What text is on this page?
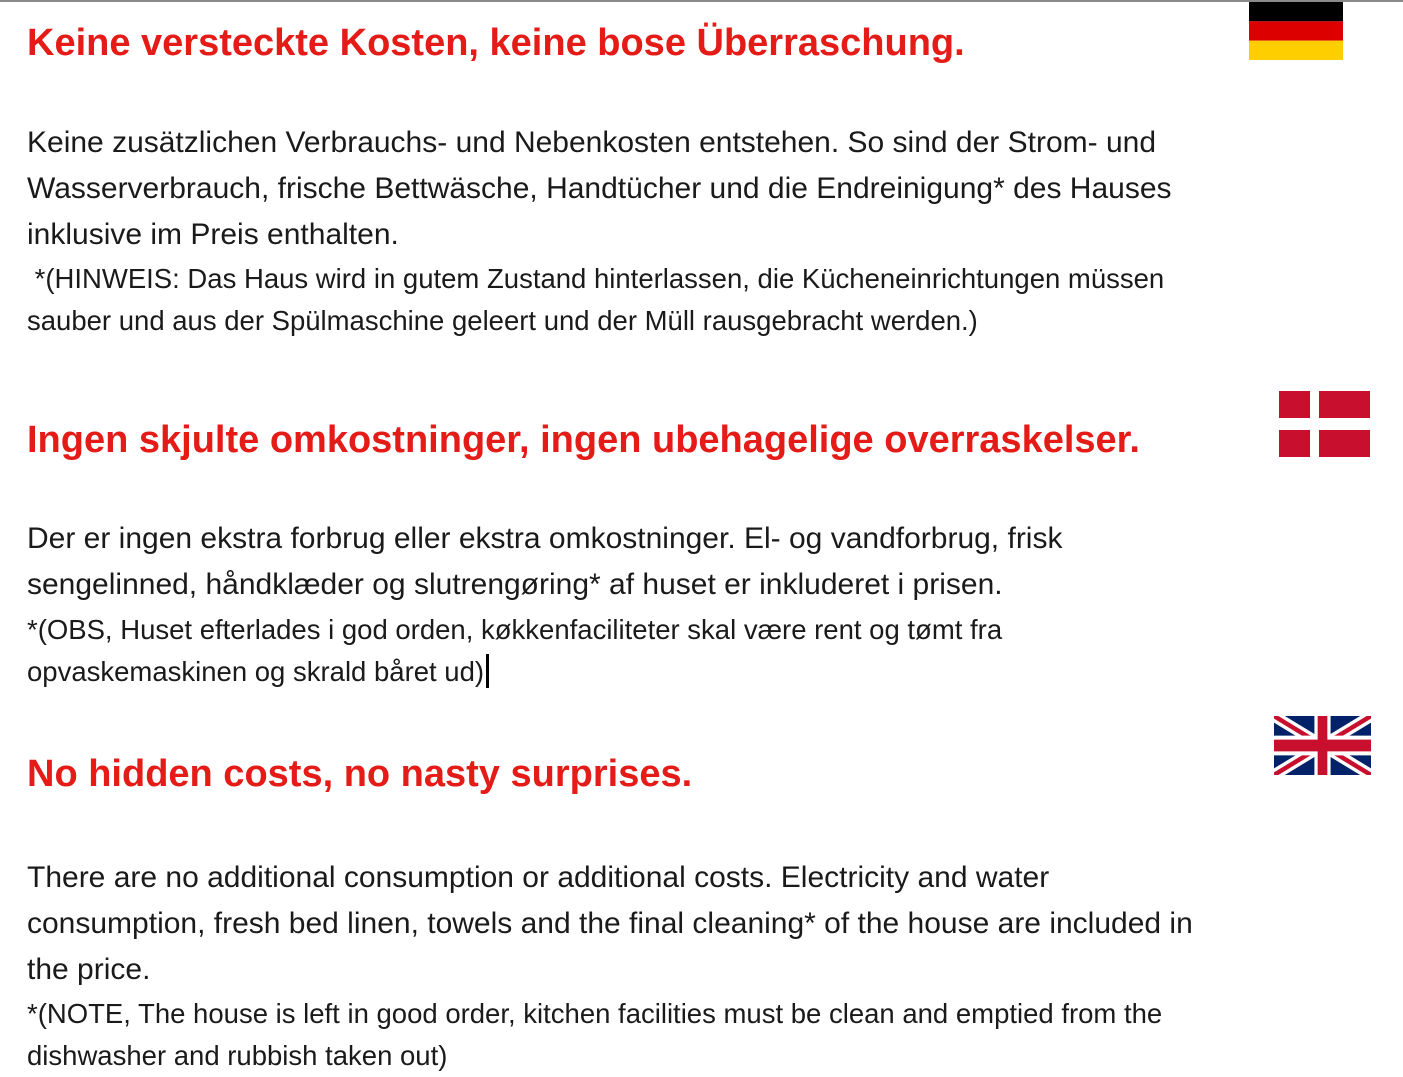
Keine versteckte Kosten, keine bose Überraschung.

Keine zusätzlichen Verbrauchs- und Nebenkosten entstehen. So sind der Strom- und
Wasserverbrauch, frische Bettwäsche, Handtücher und die Endreinigung* des Hauses
inklusive im Preis enthalten.

*(HINWEIS: Das Haus wird in gutem Zustand hinterlassen, die Kücheneinrichtungen müssen
sauber und aus der Spülmaschine geleert und der Müll rausgebracht werden.)

Ingen skjulte omkostninger, ingen ubehagelige overraskelser.

Der er ingen ekstra forbrug eller ekstra omkostninger. El- og vandforbrug, frisk
sengelinned, håndklæder og slutrengøring* af huset er inkluderet i prisen.

*(OBS, Huset efterlades i god orden, køkkenfaciliteter skal være rent og tømt fra
opvaskemaskinen og skrald båret ud)

No hidden costs, no nasty surprises.

There are no additional consumption or additional costs. Electricity and water
consumption, fresh bed linen, towels and the final cleaning* of the house are included in
the price.

*(NOTE, The house is left in good order, kitchen facilities must be clean and emptied from the
dishwasher and rubbish taken out)
